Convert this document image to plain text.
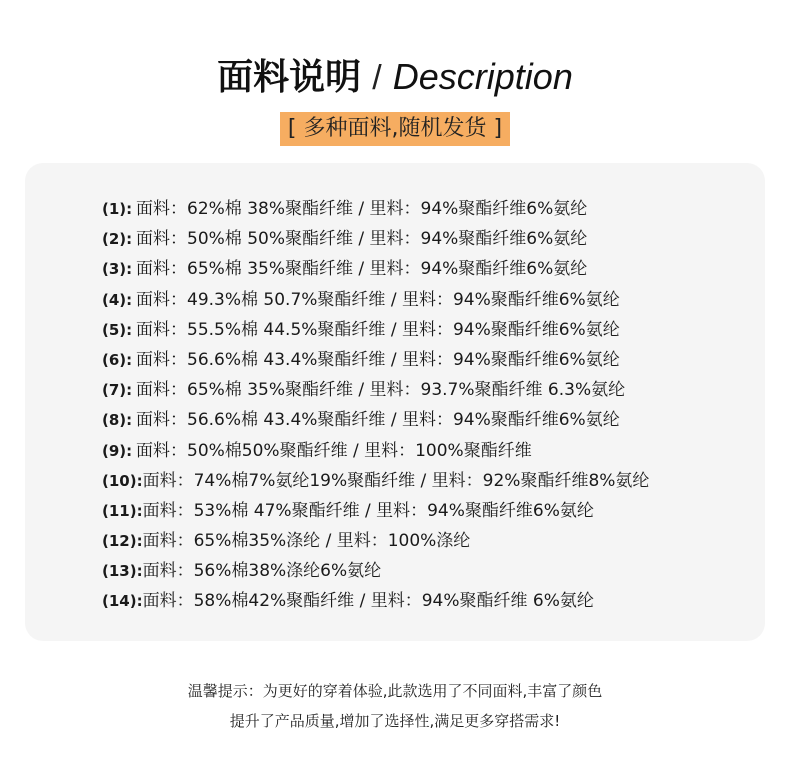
面料说明 / Description
[ 多种面料,随机发货 ]
(1): 面料：62%棉 38%聚酯纤维 / 里料：94%聚酯纤维6%氨纶
(2): 面料：50%棉 50%聚酯纤维 / 里料：94%聚酯纤维6%氨纶
(3): 面料：65%棉 35%聚酯纤维 / 里料：94%聚酯纤维6%氨纶
(4): 面料：49.3%棉 50.7%聚酯纤维 / 里料：94%聚酯纤维6%氨纶
(5): 面料：55.5%棉 44.5%聚酯纤维 / 里料：94%聚酯纤维6%氨纶
(6): 面料：56.6%棉 43.4%聚酯纤维 / 里料：94%聚酯纤维6%氨纶
(7): 面料：65%棉 35%聚酯纤维 / 里料：93.7%聚酯纤维 6.3%氨纶
(8): 面料：56.6%棉 43.4%聚酯纤维 / 里料：94%聚酯纤维6%氨纶
(9): 面料：50%棉50%聚酯纤维 / 里料：100%聚酯纤维
(10):面料：74%棉7%氨纶19%聚酯纤维 / 里料：92%聚酯纤维8%氨纶
(11):面料：53%棉 47%聚酯纤维 / 里料：94%聚酯纤维6%氨纶
(12):面料：65%棉35%涤纶 / 里料：100%涤纶
(13):面料：56%棉38%涤纶6%氨纶
(14):面料：58%棉42%聚酯纤维 / 里料：94%聚酯纤维 6%氨纶
温馨提示：为更好的穿着体验,此款选用了不同面料,丰富了颜色
提升了产品质量,增加了选择性,满足更多穿搭需求!
